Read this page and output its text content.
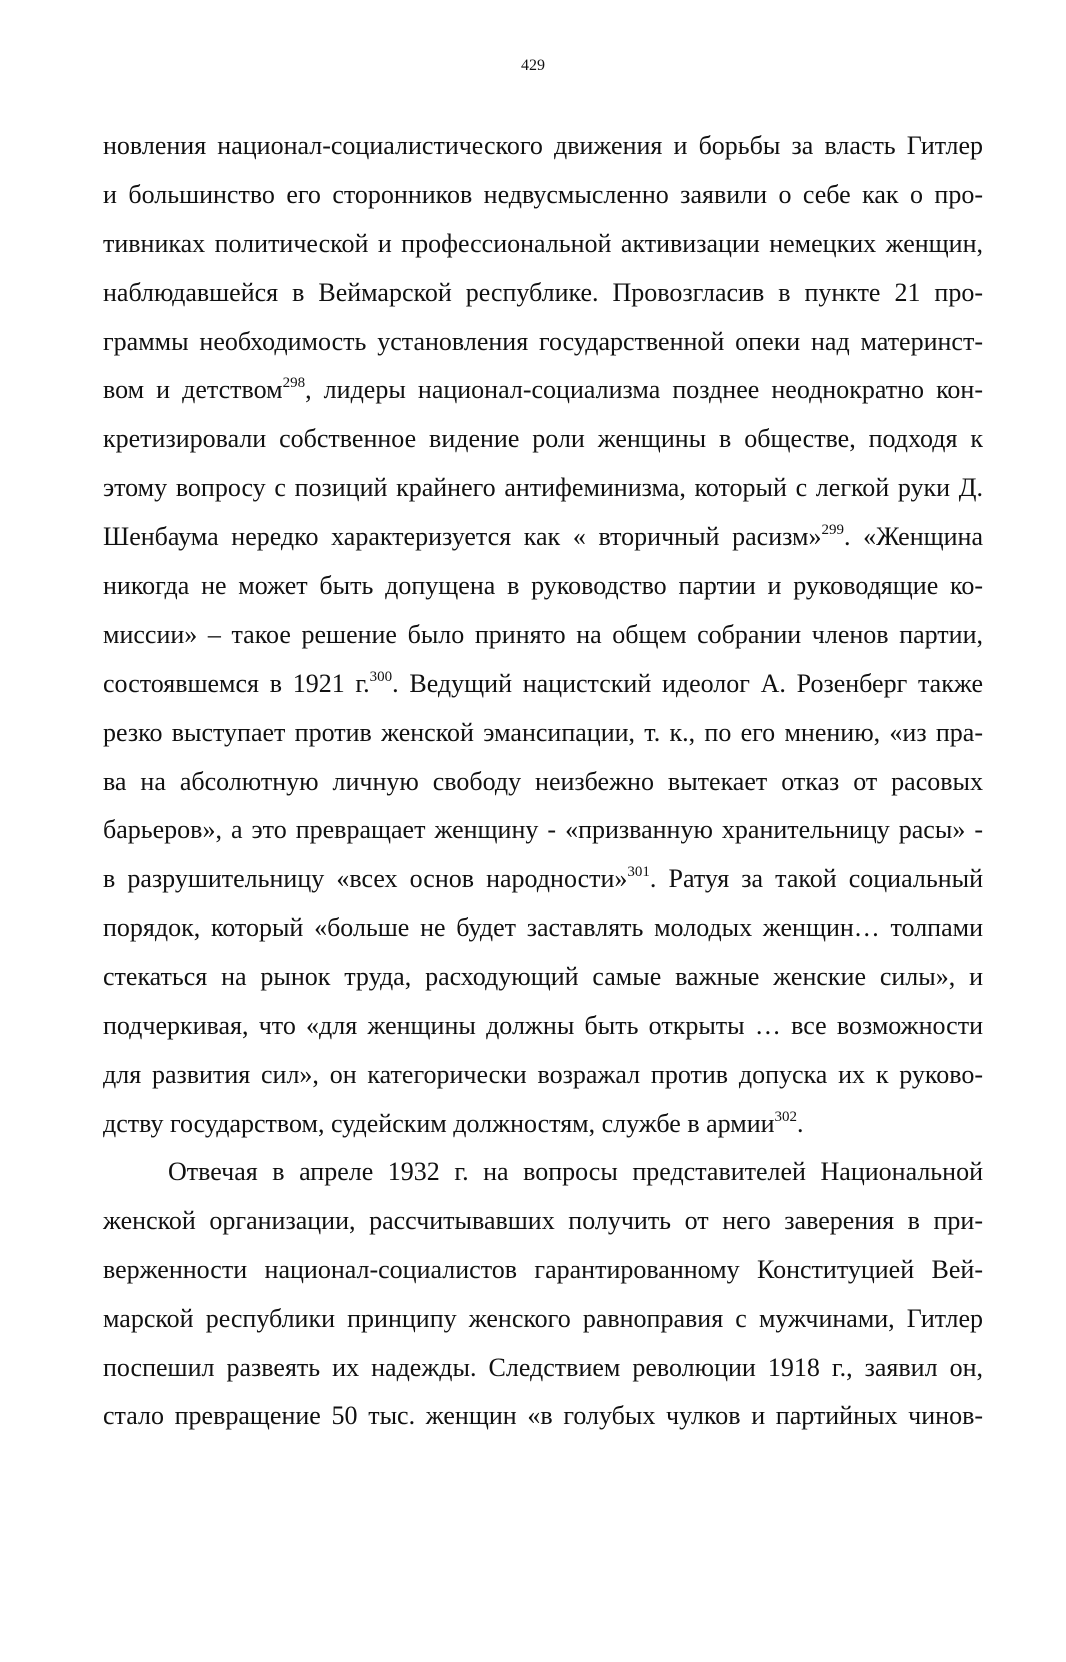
429
новления национал-социалистического движения и борьбы за власть Гитлер
и большинство его сторонников недвусмысленно заявили о себе как о про-
тивниках политической и профессиональной активизации немецких женщин,
наблюдавшейся в Веймарской республике. Провозгласив в пункте 21 про-
граммы необходимость установления государственной опеки над материнст-
вом и детством$^{298}$, лидеры национал-социализма позднее неоднократно кон-
кретизировали собственное видение роли женщины в обществе, подходя к
этому вопросу с позиций крайнего антифеминизма, который с легкой руки Д.
Шенбаума нередко характеризуется как « вторичный расизм»$^{299}$. «Женщина
никогда не может быть допущена в руководство партии и руководящие ко-
миссии» – такое решение было принято на общем собрании членов партии,
состоявшемся в 1921 г.$^{300}$. Ведущий нацистский идеолог А. Розенберг также
резко выступает против женской эмансипации, т. к., по его мнению, «из пра-
ва на абсолютную личную свободу неизбежно вытекает отказ от расовых
барьеров», а это превращает женщину - «призванную хранительницу расы» -
в разрушительницу «всех основ народности»$^{301}$. Ратуя за такой социальный
порядок, который «больше не будет заставлять молодых женщин… толпами
стекаться на рынок труда, расходующий самые важные женские силы», и
подчеркивая, что «для женщины должны быть открыты … все возможности
для развития сил», он категорически возражал против допуска их к руково-
дству государством, судейским должностям, службе в армии$^{302}$.
Отвечая в апреле 1932 г. на вопросы представителей Национальной
женской организации, рассчитывавших получить от него заверения в при-
верженности национал-социалистов гарантированному Конституцией Вей-
марской республики принципу женского равноправия с мужчинами, Гитлер
поспешил развеять их надежды. Следствием революции 1918 г., заявил он,
стало превращение 50 тыс. женщин «в голубых чулков и партийных чинов-
